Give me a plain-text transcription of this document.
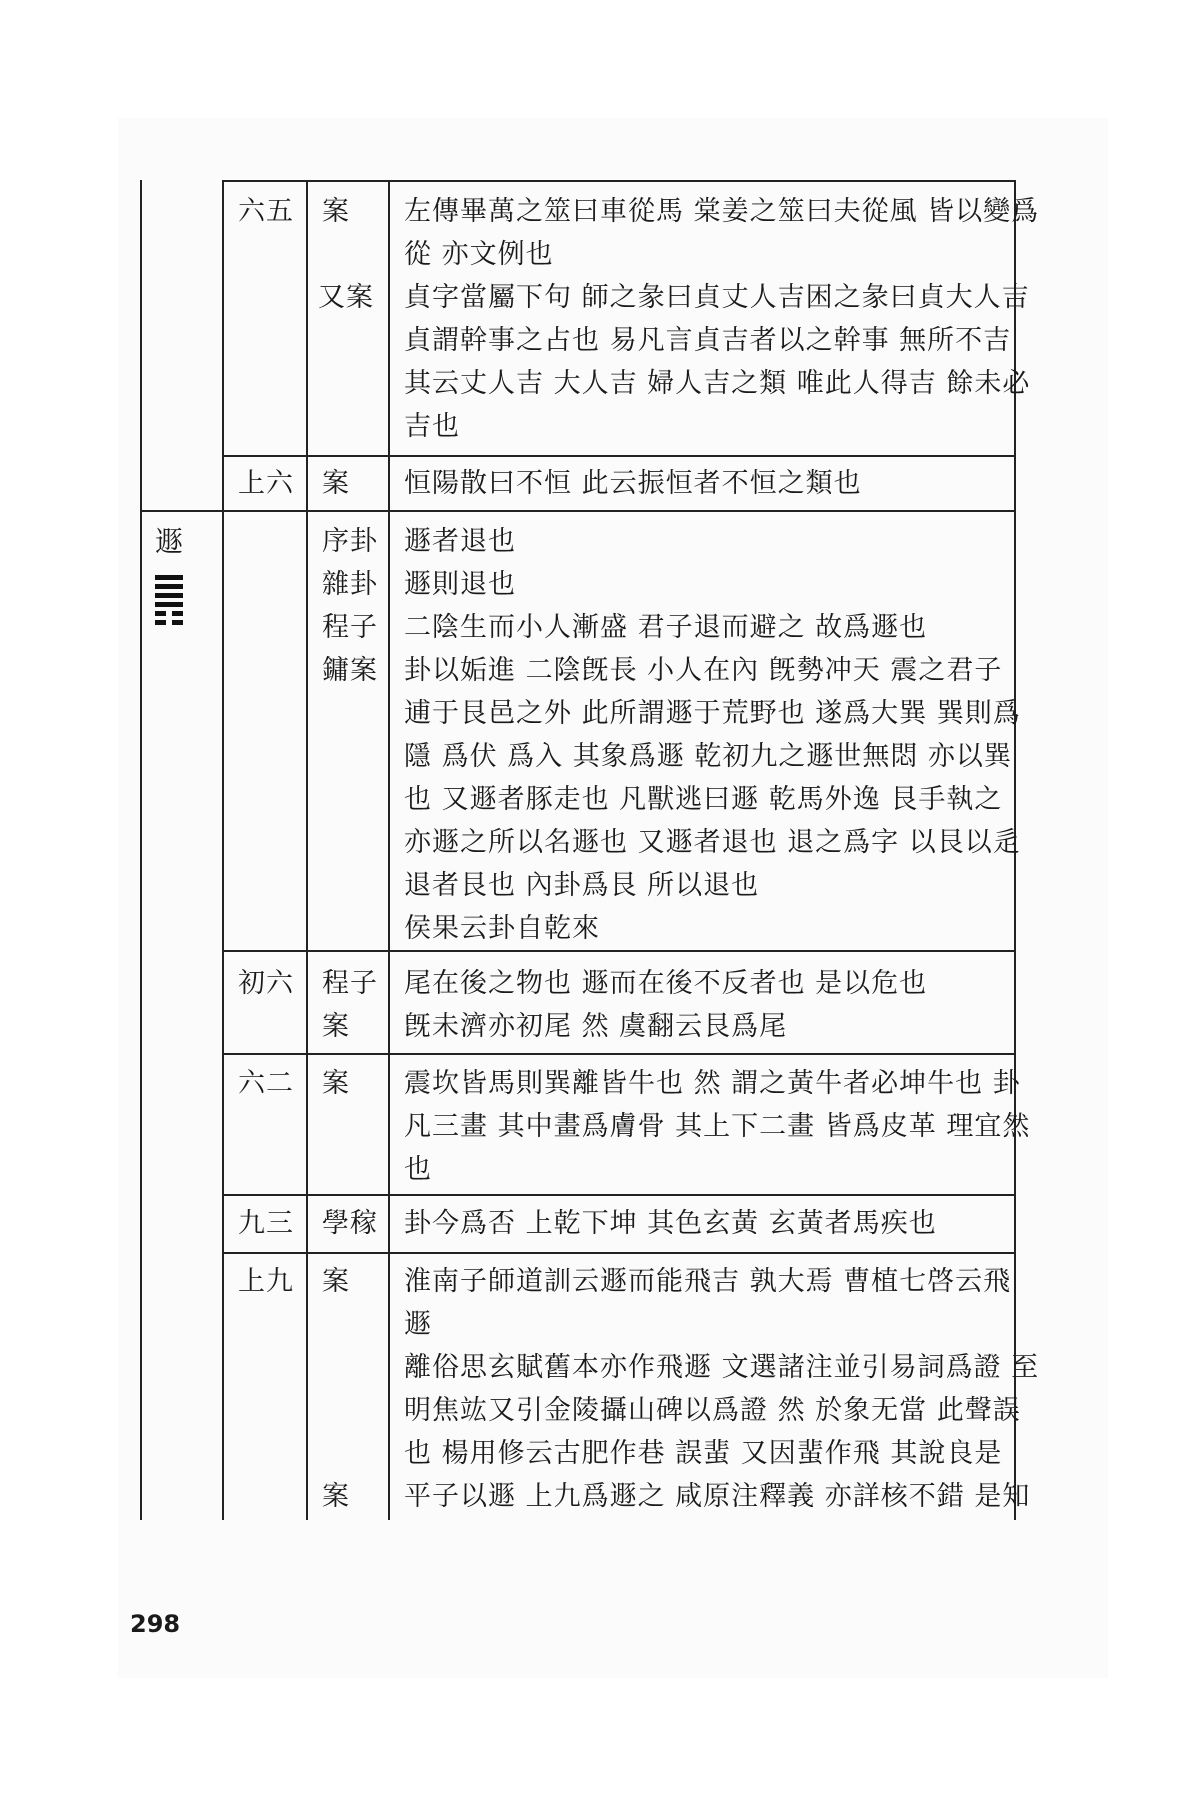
遯
六五 案
又案
左傳畢萬之筮曰車從馬 棠姜之筮曰夫從風 皆以變爲
從 亦文例也
貞字當屬下句 師之彖曰貞丈人吉困之彖曰貞大人吉
貞謂幹事之占也 易凡言貞吉者以之幹事 無所不吉
其云丈人吉 大人吉 婦人吉之類 唯此人得吉 餘未必
吉也
上六 案 恒陽散曰不恒 此云振恒者不恒之類也
序卦
雜卦
程子
鏞案
遯者退也
遯則退也
二陰生而小人漸盛 君子退而避之 故爲遯也
卦以姤進 二陰旣長 小人在內 旣勢冲天 震之君子
逋于艮邑之外 此所謂遯于荒野也 遂爲大巽 巽則爲
隱 爲伏 爲入 其象爲遯 乾初九之遯世無悶 亦以巽
也 又遯者豚走也 凡獸逃曰遯 乾馬外逸 艮手執之
亦遯之所以名遯也 又遯者退也 退之爲字 以艮以辵
退者艮也 內卦爲艮 所以退也
侯果云卦自乾來
初六 程子
案
尾在後之物也 遯而在後不反者也 是以危也
旣未濟亦初尾 然 虞翻云艮爲尾
六二 案 震坎皆馬則巽離皆牛也 然 謂之黃牛者必坤牛也 卦
凡三畫 其中畫爲膚骨 其上下二畫 皆爲皮革 理宜然
也
九三 學稼 卦今爲否 上乾下坤 其色玄黃 玄黃者馬疾也
上九 案
案
淮南子師道訓云遯而能飛吉 孰大焉 曹植七啓云飛
遯
離俗思玄賦舊本亦作飛遯 文選諸注並引易詞爲證 至
明焦竑又引金陵攝山碑以爲證 然 於象无當 此聲誤
也 楊用修云古肥作巷 誤蜚 又因蜚作飛 其說良是
平子以遯 上九爲遯之 咸原注釋義 亦詳核不錯 是知
298
